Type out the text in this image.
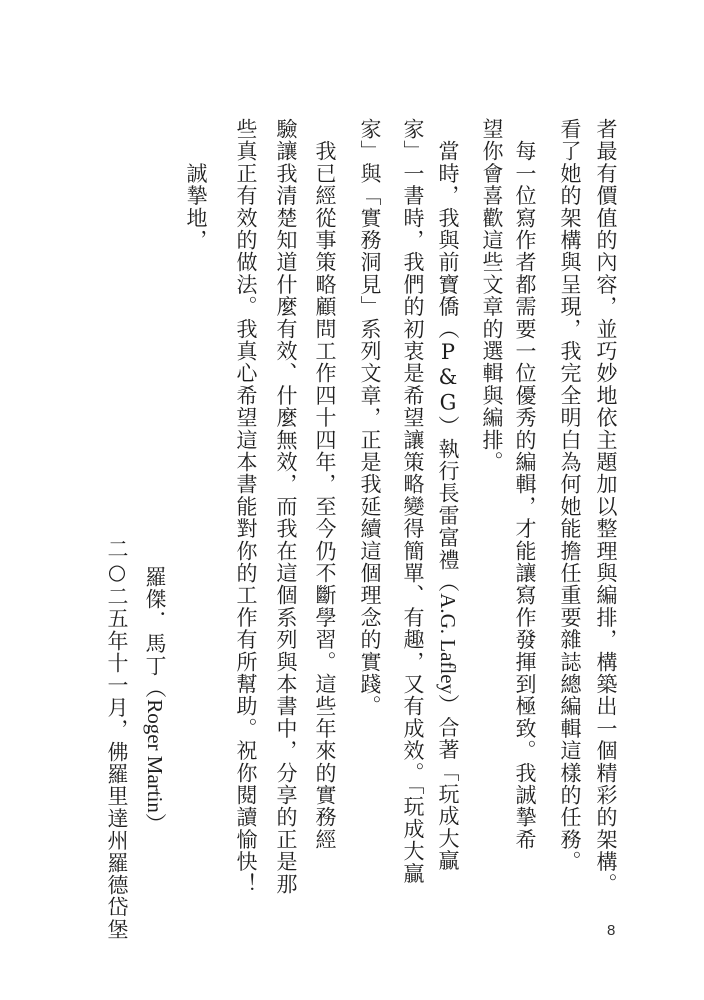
者最有價值的內容，並巧妙地依主題加以整理與編排，構築出一個精彩的架構。

看了她的架構與呈現，我完全明白為何她能擔任重要雜誌總編輯這樣的任務。

　每一位寫作者都需要一位優秀的編輯，才能讓寫作發揮到極致。我誠摯希

望你會喜歡這些文章的選輯與編排。

　當時，我與前寶僑（P&G）執行長雷富禮（A.G. Lafley）合著「玩成大贏

家」一書時，我們的初衷是希望讓策略變得簡單、有趣，又有成效。「玩成大贏

家」與「實務洞見」系列文章，正是我延續這個理念的實踐。

　我已經從事策略顧問工作四十四年，至今仍不斷學習。這些年來的實務經

驗讓我清楚知道什麼有效、什麼無效，而我在這個系列與本書中，分享的正是那

些真正有效的做法。我真心希望這本書能對你的工作有所幫助。祝你閱讀愉快！

　　誠摯地，

羅傑．馬丁（Roger Martin）

二○二五年十一月，佛羅里達州羅德岱堡	8
